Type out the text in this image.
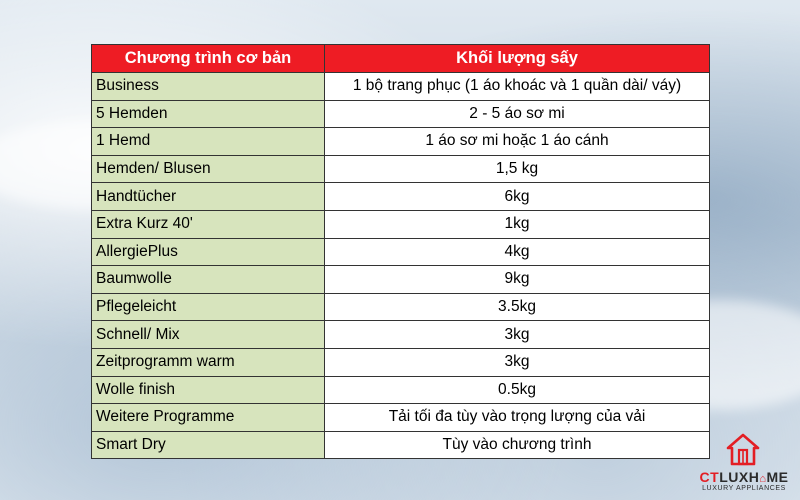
Chương trình cơ bản	Khối lượng sấy
Business	1 bộ trang phục (1 áo khoác và 1 quần dài/ váy)
5 Hemden	2 - 5 áo sơ mi
1 Hemd	1 áo sơ mi hoặc 1 áo cánh
Hemden/ Blusen	1,5 kg
Handtücher	6kg
Extra Kurz 40'	1kg
AllergiePlus	4kg
Baumwolle	9kg
Pflegeleicht	3.5kg
Schnell/ Mix	3kg
Zeitprogramm warm	3kg
Wolle finish	0.5kg
Weitere Programme	Tải tối đa tùy vào trọng lượng của vải
Smart Dry	Tùy vào chương trình
CTLUXH⌂ME
LUXURY APPLIANCES
